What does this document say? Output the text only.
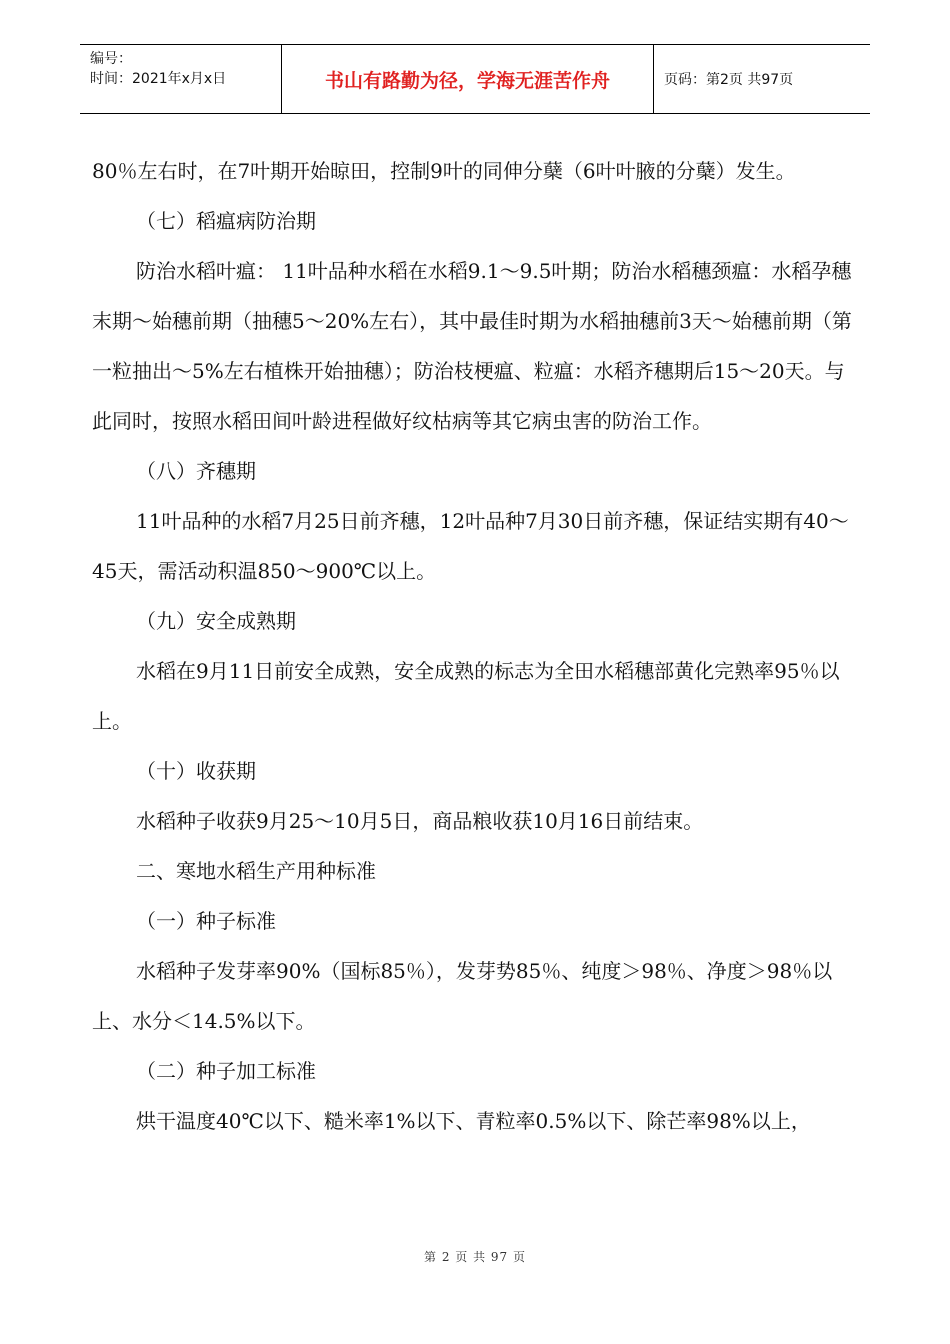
编号：
时间：2021年x月x日	书山有路勤为径，学海无涯苦作舟	页码：第2页 共97页

80％左右时，在7叶期开始晾田，控制9叶的同伸分蘖（6叶叶腋的分蘖）发生。

（七）稻瘟病防治期

防治水稻叶瘟： 11叶品种水稻在水稻9.1～9.5叶期；防治水稻穗颈瘟：水稻孕穗末期～始穗前期（抽穗5～20%左右），其中最佳时期为水稻抽穗前3天～始穗前期（第一粒抽出～5%左右植株开始抽穗）；防治枝梗瘟、粒瘟：水稻齐穗期后15～20天。与此同时，按照水稻田间叶龄进程做好纹枯病等其它病虫害的防治工作。

（八）齐穗期

11叶品种的水稻7月25日前齐穗，12叶品种7月30日前齐穗，保证结实期有40～45天，需活动积温850～900℃以上。

（九）安全成熟期

水稻在9月11日前安全成熟，安全成熟的标志为全田水稻穗部黄化完熟率95％以上。

（十）收获期

水稻种子收获9月25～10月5日，商品粮收获10月16日前结束。

二、寒地水稻生产用种标准

（一）种子标准

水稻种子发芽率90%（国标85％），发芽势85％、纯度＞98％、净度＞98％以上、水分＜14.5%以下。

（二）种子加工标准

烘干温度40℃以下、糙米率1%以下、青粒率0.5%以下、除芒率98%以上，

第 2 页 共 97 页
